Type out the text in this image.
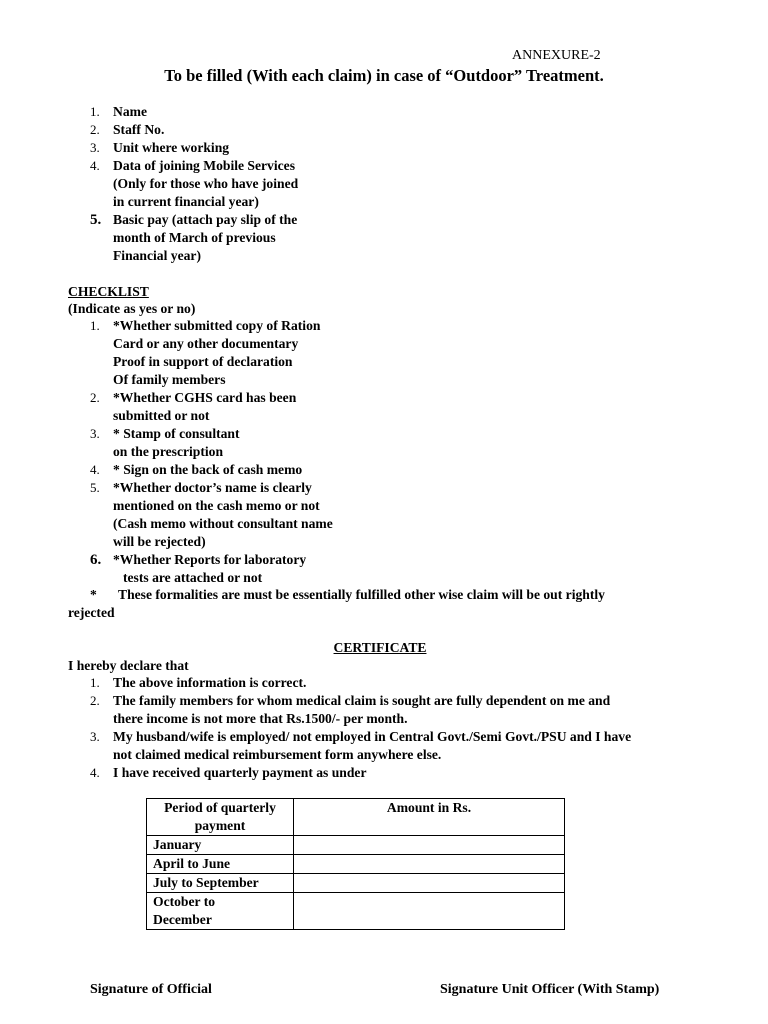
ANNEXURE-2
To be filled (With each claim) in case of “Outdoor” Treatment.
1. Name
2. Staff No.
3. Unit where working
4. Data of joining Mobile Services
(Only for those who have joined
in current financial year)
5. Basic pay (attach pay slip of the
month of March of previous
Financial year)
CHECKLIST
(Indicate as yes or no)
1. *Whether submitted copy of Ration
Card or any other documentary
Proof in support of declaration
Of family members
2. *Whether CGHS card has been
submitted or not
3. * Stamp of consultant
on the prescription
4. * Sign on the back of cash memo
5. *Whether doctor’s name is clearly
mentioned on the cash memo or not
(Cash memo without consultant name
will be rejected)
6. *Whether Reports for laboratory
tests are attached or not
* These formalities are must be essentially fulfilled other wise claim will be out rightly
rejected
CERTIFICATE
I hereby declare that
1. The above information is correct.
2. The family members for whom medical claim is sought are fully dependent on me and
there income is not more that Rs.1500/- per month.
3. My husband/wife is employed/ not employed in Central Govt./Semi Govt./PSU and I have
not claimed medical reimbursement form anywhere else.
4. I have received quarterly payment as under
Period of quarterly
payment	Amount in Rs.
January	
April to June	
July to September	

October to
December	

Signature of Official	Signature Unit Officer (With Stamp)
